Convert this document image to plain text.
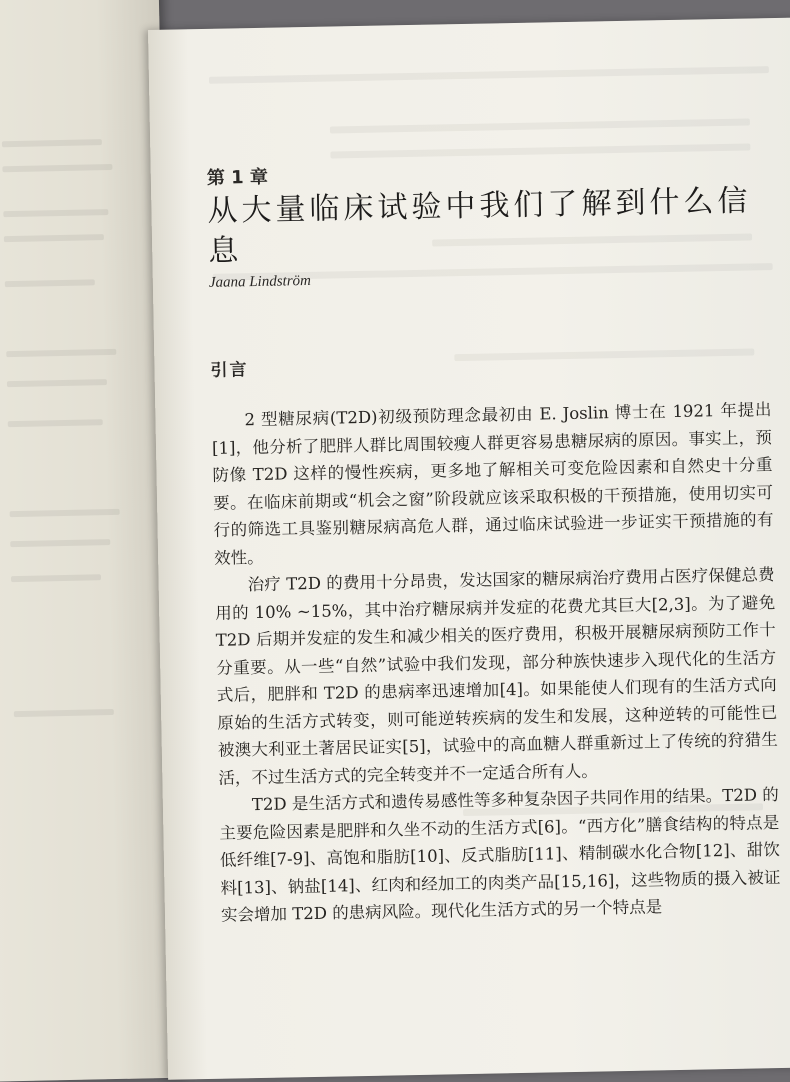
第 1 章
从大量临床试验中我们了解到什么信息
Jaana Lindström
引言

2 型糖尿病(T2D)初级预防理念最初由 E. Joslin 博士在 1921 年提出[1]，他分析了肥胖人群比周围较瘦人群更容易患糖尿病的原因。事实上，预防像 T2D 这样的慢性疾病，更多地了解相关可变危险因素和自然史十分重要。在临床前期或“机会之窗”阶段就应该采取积极的干预措施，使用切实可行的筛选工具鉴别糖尿病高危人群，通过临床试验进一步证实干预措施的有效性。

治疗 T2D 的费用十分昂贵，发达国家的糖尿病治疗费用占医疗保健总费用的 10% ~15%，其中治疗糖尿病并发症的花费尤其巨大[2,3]。为了避免 T2D 后期并发症的发生和减少相关的医疗费用，积极开展糖尿病预防工作十分重要。从一些“自然”试验中我们发现，部分种族快速步入现代化的生活方式后，肥胖和 T2D 的患病率迅速增加[4]。如果能使人们现有的生活方式向原始的生活方式转变，则可能逆转疾病的发生和发展，这种逆转的可能性已被澳大利亚土著居民证实[5]，试验中的高血糖人群重新过上了传统的狩猎生活，不过生活方式的完全转变并不一定适合所有人。

T2D 是生活方式和遗传易感性等多种复杂因子共同作用的结果。T2D 的主要危险因素是肥胖和久坐不动的生活方式[6]。“西方化”膳食结构的特点是低纤维[7-9]、高饱和脂肪[10]、反式脂肪[11]、精制碳水化合物[12]、甜饮料[13]、钠盐[14]、红肉和经加工的肉类产品[15,16]，这些物质的摄入被证实会增加 T2D 的患病风险。现代化生活方式的另一个特点是
